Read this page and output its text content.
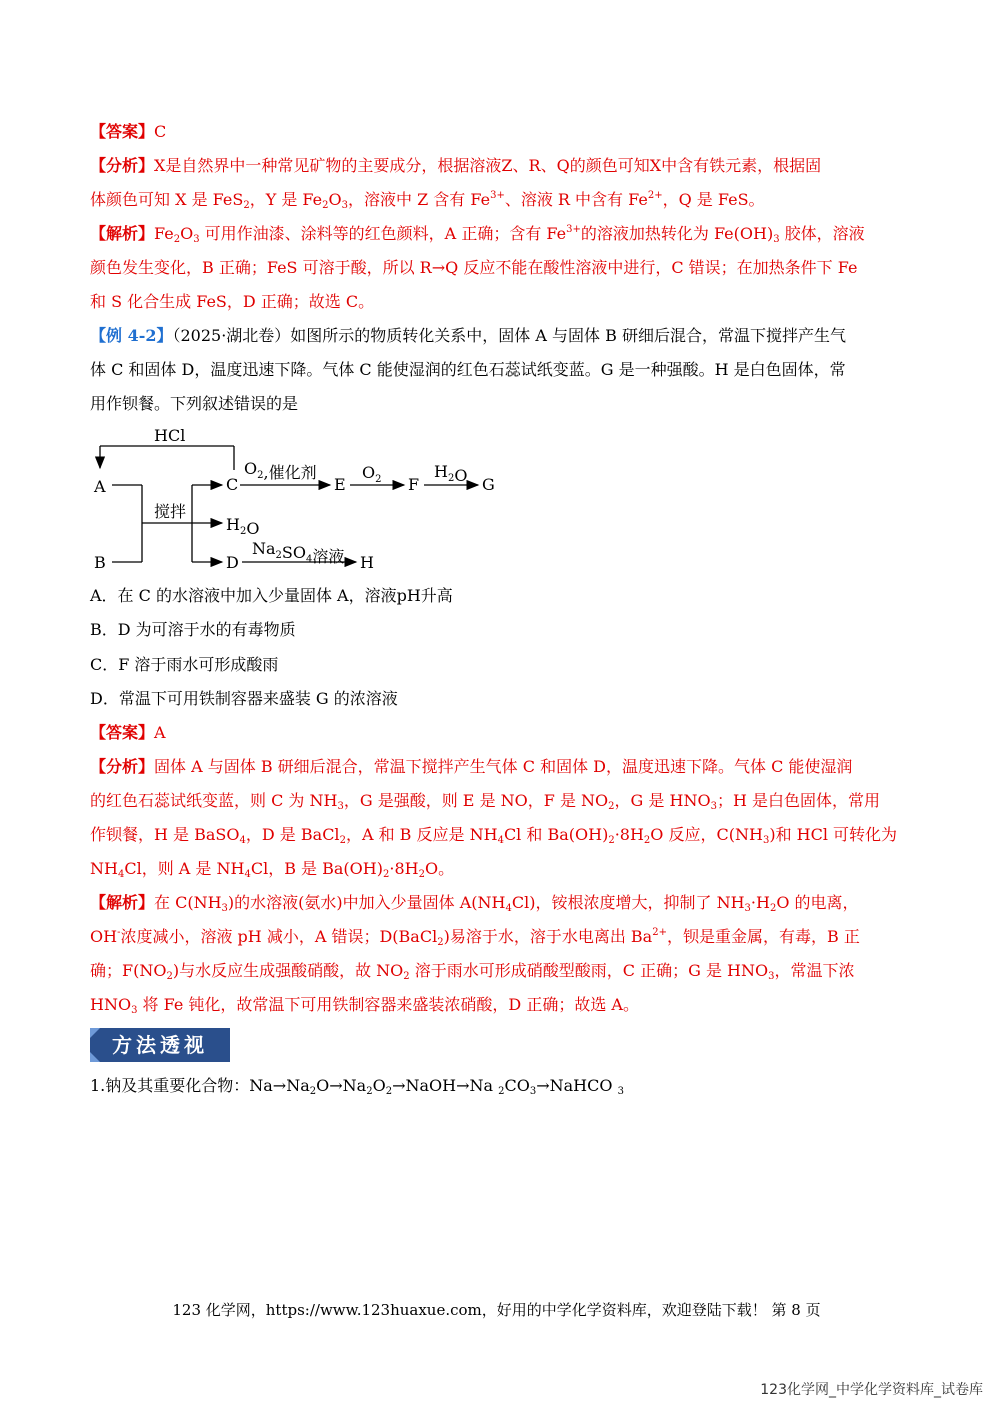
【答案】C
【分析】X是自然界中一种常见矿物的主要成分，根据溶液Z、R、Q的颜色可知X中含有铁元素，根据固
体颜色可知 X 是 FeS$_2$，Y 是 $Fe_2O_3$，溶液中 Z 含有 $Fe^{3+}$、溶液 R 中含有 $Fe^{2+}$，Q 是 FeS。
【解析】$Fe_2O_3$ 可用作油漆、涂料等的红色颜料，A 正确；含有 $Fe^{3+}$的溶液加热转化为 $Fe(OH)_3$ 胶体，溶液
颜色发生变化，B 正确；FeS 可溶于酸，所以 R→Q 反应不能在酸性溶液中进行，C 错误；在加热条件下 Fe
和 S 化合生成 FeS，D 正确；故选 C。
【例 4-2】（2025·湖北卷）如图所示的物质转化关系中，固体 A 与固体 B 研细后混合，常温下搅拌产生气
体 C 和固体 D，温度迅速下降。气体 C 能使湿润的红色石蕊试纸变蓝。G 是一种强酸。H 是白色固体，常
用作钡餐。下列叙述错误的是
HCl
A
B
搅拌
C
D
$H_2O$
$O_2$,催化剂
E
$O_2$ F
$H_2O$ G
$Na_2SO_4$溶液 H
A．在 C 的水溶液中加入少量固体 A，溶液pH升高
B．D 为可溶于水的有毒物质
C．F 溶于雨水可形成酸雨
D．常温下可用铁制容器来盛装 G 的浓溶液
【答案】A
【分析】固体 A 与固体 B 研细后混合，常温下搅拌产生气体 C 和固体 D，温度迅速下降。气体 C 能使湿润
的红色石蕊试纸变蓝，则 C 为 $NH_3$，G 是强酸，则 E 是 NO，F 是 $NO_2$，G 是 $HNO_3$；H 是白色固体，常用
作钡餐，H 是 BaSO$_4$，D 是 BaCl$_2$，A 和 B 反应是 $NH_4Cl$ 和 $Ba(OH)_2\cdot 8H_2O$ 反应，$C(NH_3)$和 HCl 可转化为
$NH_4Cl$，则 A 是 $NH_4Cl$，B 是 $Ba(OH)_2\cdot 8H_2O$。
【解析】在 $C(NH_3)$的水溶液(氨水)中加入少量固体 $A(NH_4Cl)$，铵根浓度增大，抑制了 $NH_3\cdot H_2O$ 的电离，
OH-浓度减小，溶液 pH 减小，A 错误；D(BaCl$_2$)易溶于水，溶于水电离出 $Ba^{2+}$，钡是重金属，有毒，B 正
确；$F(NO_2)$与水反应生成强酸硝酸，故 $NO_2$ 溶于雨水可形成硝酸型酸雨，C 正确；G 是 $HNO_3$，常温下浓
$HNO_3$ 将 Fe 钝化，故常温下可用铁制容器来盛装浓硝酸，D 正确；故选 A。
方法透视
1.钠及其重要化合物：$Na\to Na_2O\to Na_2O_2\to NaOH\to Na$ $_2CO_3\to NaHCO$ $_3$
123 化学网，https://www.123huaxue.com，好用的中学化学资料库，欢迎登陆下载！ 第 8 页
123化学网_中学化学资料库_试卷库
